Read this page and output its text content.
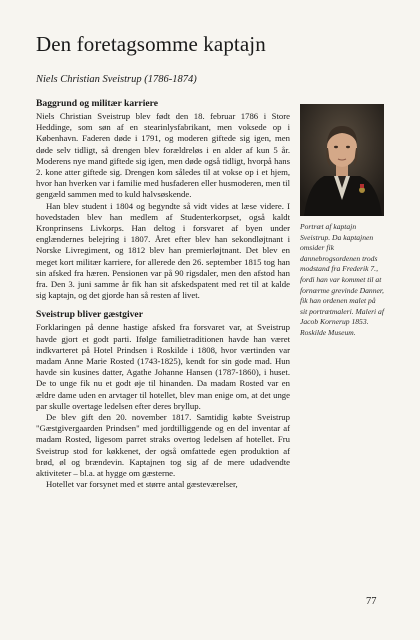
Den foretagsomme kaptajn
Niels Christian Sveistrup (1786-1874)
Baggrund og militær karriere

Niels Christian Sveistrup blev født den 18. februar 1786 i Store Heddinge, som søn af en stearinlysfabrikant, men voksede op i København. Faderen døde i 1791, og moderen giftede sig igen, men døde selv tidligt, så drengen blev forældreløs i en alder af kun 5 år. Moderens nye mand giftede sig igen, men døde også tidligt, hvorpå hans 2. kone atter giftede sig. Drengen kom således til at vokse op i et hjem, hvor han hverken var i familie med husfaderen eller husmoderen, men til gengæld sammen med to kuld halvsøskende.

Han blev student i 1804 og begyndte så vidt vides at læse videre. I hovedstaden blev han medlem af Studenterkorpset, også kaldt Kronprinsens Livkorps. Han deltog i forsvaret af byen under englændernes belejring i 1807. Året efter blev han sekondløjtnant i Norske Livregiment, og 1812 blev han premierløjtnant. Det blev en meget kort militær karriere, for allerede den 26. september 1815 tog han sin afsked fra hæren. Pensionen var på 90 rigsdaler, men den afstod han fra. Den 3. juni samme år fik han sit afskedspatent med ret til at kalde sig kaptajn, og det gjorde han så resten af livet.

Sveistrup bliver gæstgiver

Forklaringen på denne hastige afsked fra forsvaret var, at Sveistrup havde gjort et godt parti. Ifølge familietraditionen havde han været indkvarteret på Hotel Prindsen i Roskilde i 1808, hvor værtinden var madam Anne Marie Rosted (1743-1825), kendt for sin gode mad. Hun havde sin kusines datter, Agathe Johanne Hansen (1787-1860), i huset. De to unge fik nu et godt øje til hinanden. Da madam Rosted var en ældre dame uden en arvtager til hotellet, blev man enige om, at det unge par skulle overtage ledelsen efter deres bryllup.

De blev gift den 20. november 1817. Samtidig købte Sveistrup "Gæstgivergaarden Prindsen" med jordtilliggende og en del inventar af madam Rosted, ligesom parret straks overtog ledelsen af hotellet. Fru Sveistrup stod for køkkenet, der også omfattede egen produktion af brød, øl og brændevin. Kaptajnen tog sig af de mere udadvendte aktiviteter – bl.a. at hygge om gæsterne.

Hotellet var forsynet med et større antal gæsteværelser,

Portræt af kaptajn Sveistrup. Da kaptajnen omsider fik dannebrogsordenen trods modstand fra Frederik 7., fordi han var kommet til at fornærme grevinde Danner, fik han ordenen malet på sit portrætmaleri. Maleri af Jacob Kornerup 1853. Roskilde Museum.
77
